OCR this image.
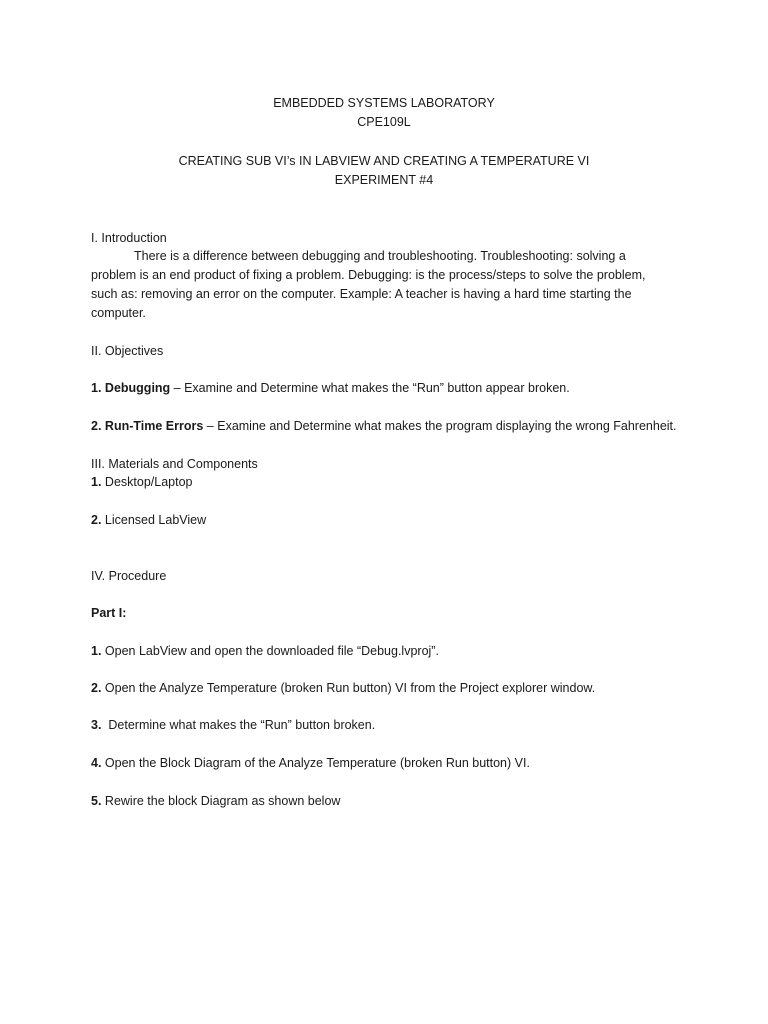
EMBEDDED SYSTEMS LABORATORY
CPE109L
CREATING SUB VI’s IN LABVIEW AND CREATING A TEMPERATURE VI
EXPERIMENT #4
I. Introduction
There is a difference between debugging and troubleshooting. Troubleshooting: solving a
problem is an end product of fixing a problem. Debugging: is the process/steps to solve the problem,
such as: removing an error on the computer. Example: A teacher is having a hard time starting the
computer.
II. Objectives
1. Debugging – Examine and Determine what makes the “Run” button appear broken.
2. Run-Time Errors – Examine and Determine what makes the program displaying the wrong Fahrenheit.
III. Materials and Components
1. Desktop/Laptop
2. Licensed LabView
IV. Procedure
Part I:
1. Open LabView and open the downloaded file “Debug.lvproj”.
2. Open the Analyze Temperature (broken Run button) VI from the Project explorer window.
3.  Determine what makes the “Run” button broken.
4. Open the Block Diagram of the Analyze Temperature (broken Run button) VI.
5. Rewire the block Diagram as shown below
